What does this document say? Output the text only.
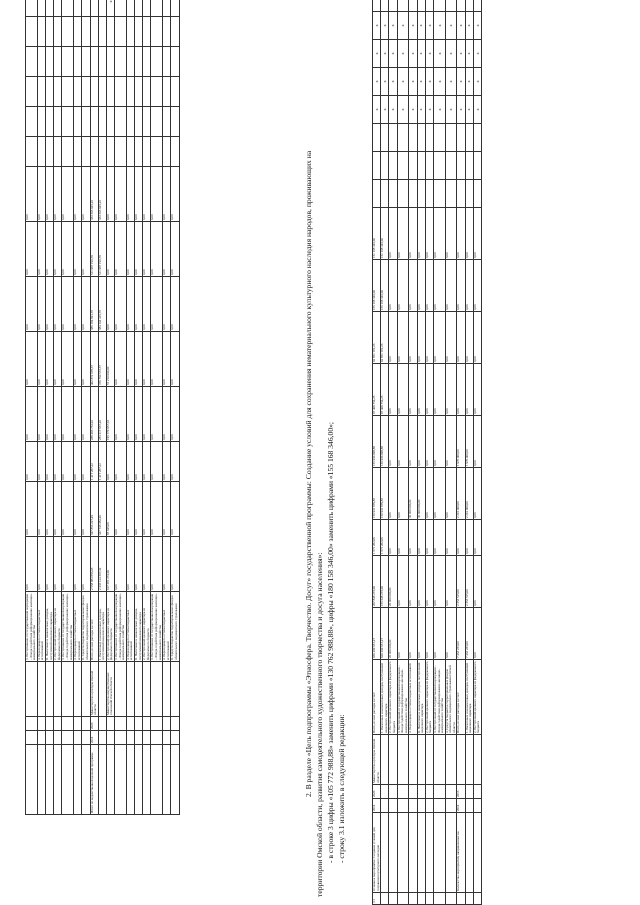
				3. Поступившие от государственной корпорации – Фонда содействия реформированию жилищно-коммунального хозяйства	0,00	0,00	0,00	0,00	0,00	0,00	0,00	0,00								
				4. Переходящего остатка бюджетных ассигнований	0,00	0,00	0,00	0,00	0,00	0,00	0,00	0,00								
				II. Налоговых и неналоговых доходов, поступлений нецелевого характера	0,00	0,00	0,00	0,00	0,00	0,00	0,00	0,00								
				2. Поступлений целевого характера из федерального бюджета	0,00	0,00	0,00	0,00	0,00	0,00	0,00	0,00								
				3. Поступивших от государственной корпорации – Фонда содействия реформированию жилищно-коммунального хозяйства	0,00	0,00	0,00	0,00	0,00	0,00	0,00	0,00								
				4. Переходящего остатка бюджетных ассигнований	0,00	0,00	0,00	0,00	0,00	0,00	0,00	0,00								
				II. Средств бюджетов территориальных фондов обязательного медицинского страхования	0,00	0,00	0,00	0,00	0,00	0,00	0,00	0,00								
Итого по ведомственной целевой программе	2014	2020	Министерство культуры Омской области	Всего, из них расходы за счет:	2 558 883 866,05	347 853 227,49	1 417 287,22	288 495 752,02	402 872 678,57	386 184 841,76	511 987 196,79	333 505 945,26								
				1. Налоговых и неналоговых доходов, поступлений нецелевого характера	2 433 124 307,42	347 746 382,40	1 417 287,22	283 217 957,20	370 760 573,57	384 104 416,76	511 987 196,79	333 505 945,26								
			Министерство имущественных отношений Омской области	2. Поступлений целевого характера из федерального бюджета	107 581 274,00	83 645,09	0,00	196 779 957,63	51 210 000,00	0,00	0,00	0,00						x		
				3. Поступивших от государственной корпорации – Фонда содействия реформированию жилищно-коммунального хозяйства	0,00	0,00	0,00	0,00	0,00	0,00	0,00	0,00								
				4. Переходящего остатка бюджетных ассигнований	0,00	0,00	0,00	0,00	0,00	0,00	0,00	0,00								
				II. Налоговых и неналоговых доходов, поступлений нецелевого характера	0,00	0,00	0,00	0,00	0,00	0,00	0,00	0,00								
				2. Поступлений целевого характера из федерального бюджета	0,00	0,00	0,00	0,00	0,00	0,00	0,00	0,00								
				3. Поступивших от государственной корпорации – Фонда содействия реформированию жилищно-коммунального хозяйства	0,00	0,00	0,00	0,00	0,00	0,00	0,00	0,00								
				4. Переходящего остатка бюджетных ассигнований	0,00	0,00	0,00	0,00	0,00	0,00	0,00	0,00								
				II. Средств бюджетов территориальных фондов обязательного медицинского страхования	0,00	0,00	0,00	0,00	0,00	0,00	0,00	0,00									2. В разделе «Цель подпрограммы «Этносфера. Творчество. Досуг» государственной программы: Создание условий для сохранения нематериального культурного наследия народов, проживающих на территории Омской области, развития самодеятельного художественного творчества и досуга населения»: - в строке 3 цифры «105 772 988,88» заменить цифрами «130 762 988,88», цифры «180 158 346,00» заменить цифрами «155 168 346,00»; - строку 3.1 изложить в следующей редакции:

3.1	Основное мероприятие: Создание условий для сохранения культурного наследия	2014	2020	Министерство культуры Омской области	Всего, из них расходы за счет:	939 209 651,27	207 848 273,00	1 671 282,09	150 931 879,85	155 930 998,88	97 409 754,25	92 851 181,26	155 168 346,00	151 168 346,00				x	x	x	x		
					1. Налоговых и неналоговых доходов, поступлений нецелевого характера	929 209 651,27	155 648 273,00	1 671 282,09	150 931 879,85	130 930 998,88	97 409 754,25	92 851 181,26	155 168 346,00	151 168 346,00				x	x	x	x		
					2. Поступлений целевого характера из федерального бюджета	20 000 000,00	20 000 000,00	0,00	0,00	0,00	0,00	0,00	0,00	0,00				x	x	x	x		
					3. Поступлений от государственной корпорации – Фонда содействия реформированию жилищно-коммунального хозяйства	0,00	0,00	0,00	0,00	0,00	0,00	0,00	0,00	0,00				x	x	x	x		
					4. Переходящего остатка бюджетных ассигнований	0,00	0,00	0,00	30 000 000,00	0,00	0,00	0,00	0,00	0,00				x	x	x	x		
					II. Налоговых и неналоговых доходов, поступлений нецелевого характера	0,00	0,00	0,00	30 000 000,00	0,00	0,00	0,00	0,00	0,00				x	x	x	x		
					2. Поступлений целевого характера из федерального бюджета	0,00	0,00	0,00	0,00	0,00	0,00	0,00	0,00	0,00				x	x	x	x		
					3. Поступлений от государственной корпорации – Фонда содействия реформированию жилищно-коммунального хозяйства	0,00	0,00	0,00	0,00	0,00	0,00	0,00	0,00	0,00				x	x	x	x		
					4. Средств бюджетов территориальных фондов обязательного медицинского страхования Омской области	0,00	0,00	0,00	0,00	0,00	0,00	0,00	0,00	0,00				x	x	x	x		
	Количество мероприятий, направленных на	2014	2016		Всего, из них расходы за счет:	7 463 233,00	2 353 515,00	0,00	2 210 000,00	1 970 000,00	0,00	0,00	0,00	0,00				x	x	x	x		
					1. Налоговых и неналоговых доходов, поступлений нецелевого характера	7 463 233,00	2 353 515,00	0,00	2 210 000,00	1 970 000,00	0,00	0,00	0,00	0,00				x	x	x	x		
					2. Поступлений целевого характера из федерального бюджета	0,00	0,00	0,00	0,00	0,00	0,00	0,00	0,00	0,00				x	x	x	x		
